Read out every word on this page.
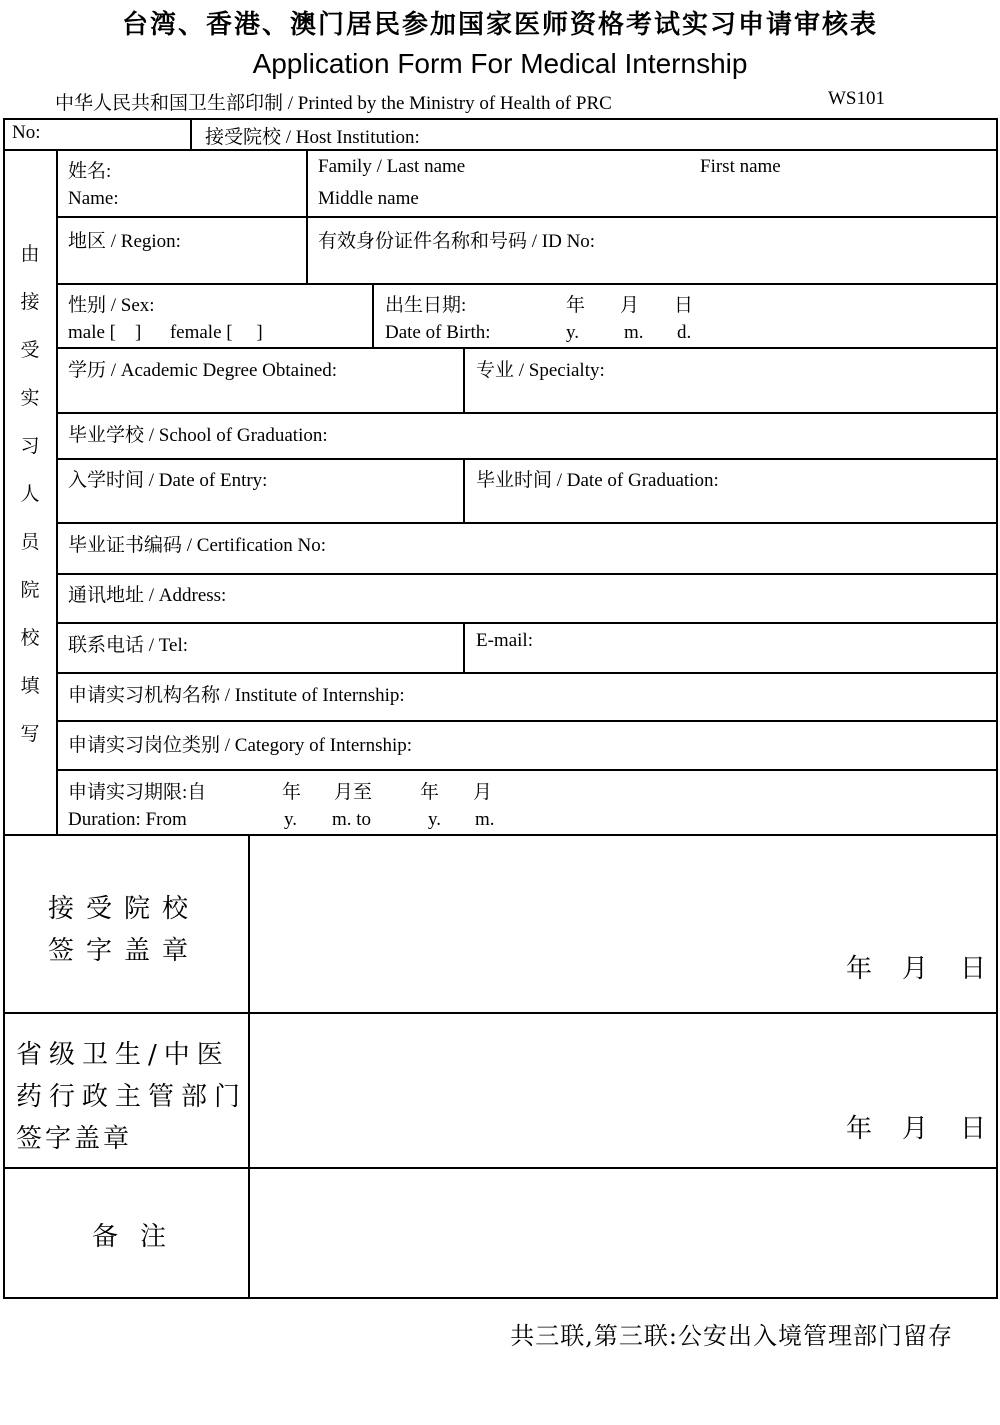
台湾、香港、澳门居民参加国家医师资格考试实习申请审核表
Application Form For Medical Internship
中华人民共和国卫生部印制 / Printed by the Ministry of Health of PRC	WS101
No:	接受院校 / Host Institution:
由
接
受
实
习
人
员
院
校
填
写
姓名:
Name:
Family / Last name	First name
Middle name
地区 / Region:	有效身份证件名称和号码 / ID No:
性别 / Sex:
male [    ]      female [     ]
出生日期:	年 月 日
Date of Birth:	y. m. d.
学历 / Academic Degree Obtained:	专业 / Specialty:
毕业学校 / School of Graduation:
入学时间 / Date of Entry:	毕业时间 / Date of Graduation:
毕业证书编码 / Certification No:
通讯地址 / Address:
联系电话 / Tel:	E-mail:
申请实习机构名称 / Institute of Internship:
申请实习岗位类别 / Category of Internship:
申请实习期限:自	年 月至	年 月
Duration: From	y. m. to	y. m.
接受院校
签字盖章
年 月 日
省级卫生/中医
药行政主管部门
签字盖章	年 月 日
备注
共三联,第三联:公安出入境管理部门留存
